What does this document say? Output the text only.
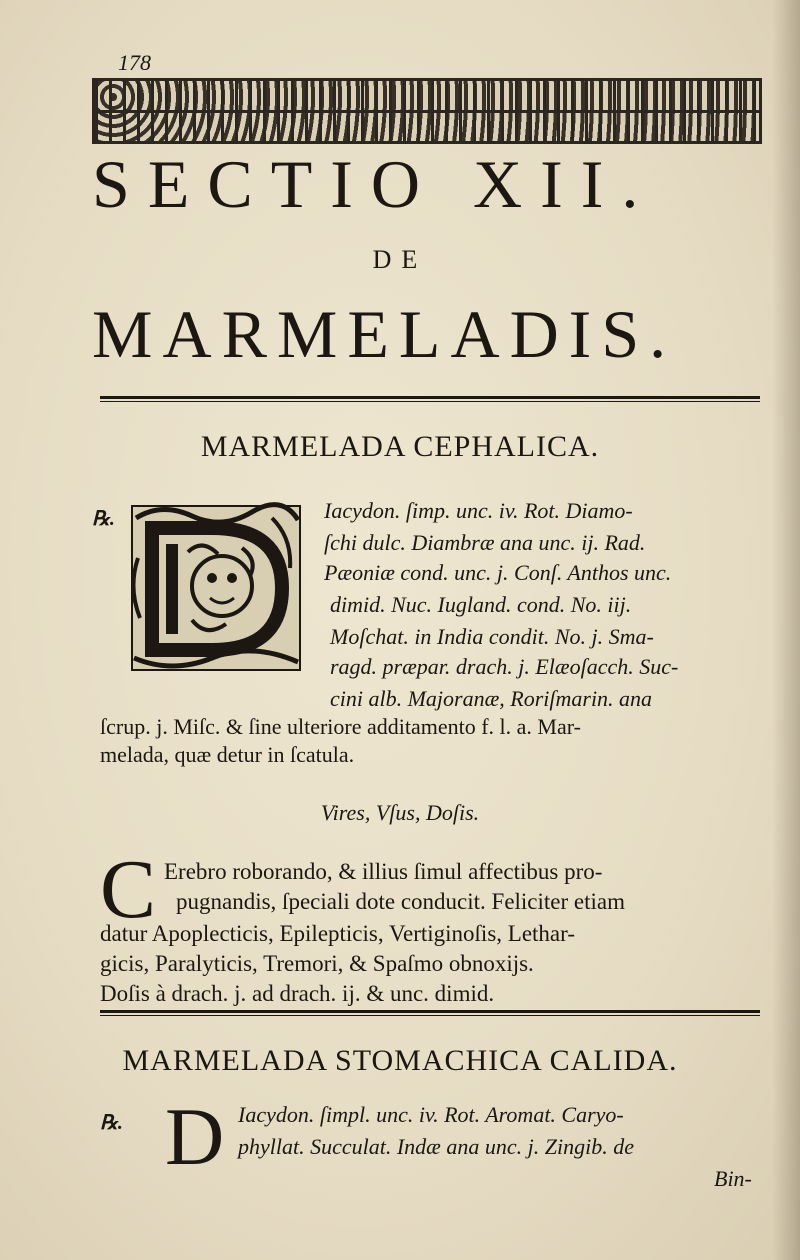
178
SECTIO XII.
DE
MARMELADIS.
MARMELADA CEPHALICA.
℞.	Iacydon. ſimp. unc. iv. Rot. Diamo-
ſchi dulc. Diambræ ana unc. ij. Rad.
Pæoniæ cond. unc. j. Conſ. Anthos unc.
dimid. Nuc. Iugland. cond. No. iij.
Moſchat. in India condit. No. j. Sma-
ragd. præpar. drach. j. Elæoſacch. Suc-
cini alb. Majoranæ, Roriſmarin. ana
ſcrup. j. Miſc. & ſine ulteriore additamento f. l. a. Mar-
melada, quæ detur in ſcatula.
Vires, Vſus, Doſis.
C Erebro roborando, & illius ſimul affectibus pro-
pugnandis, ſpeciali dote conducit. Feliciter etiam
datur Apoplecticis, Epilepticis, Vertiginoſis, Lethar-
gicis, Paralyticis, Tremori, & Spaſmo obnoxijs.
Doſis à drach. j. ad drach. ij. & unc. dimid.
MARMELADA STOMACHICA CALIDA.
℞. D Iacydon. ſimpl. unc. iv. Rot. Aromat. Caryo-
phyllat. Succulat. Indæ ana unc. j. Zingib. de
Bin-
